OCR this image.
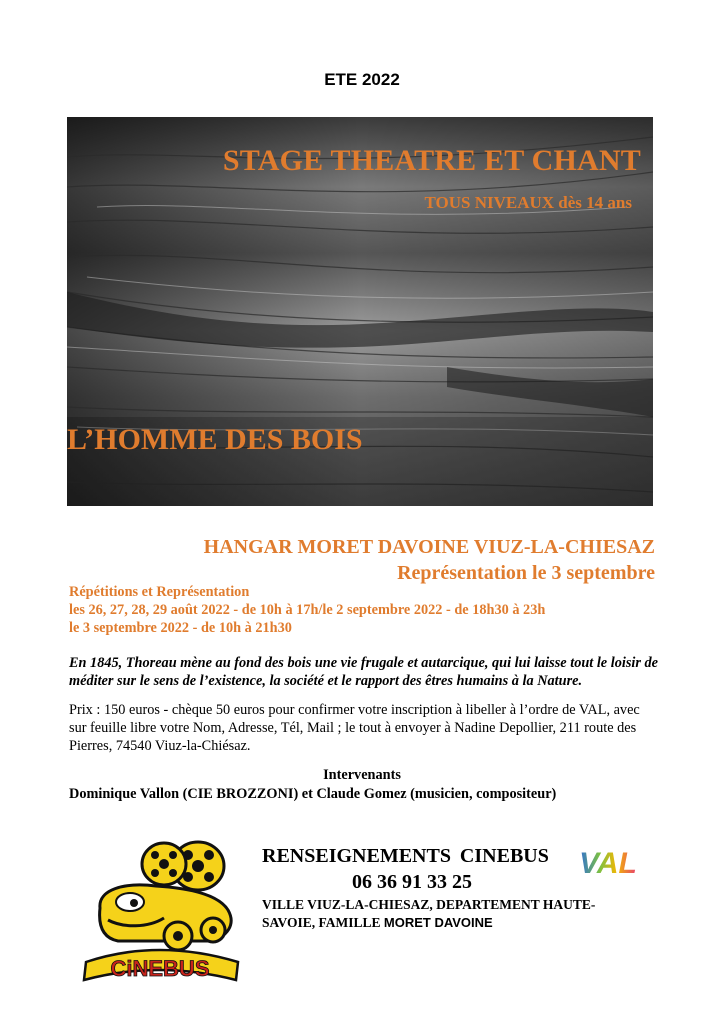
ETE 2022
STAGE THEATRE ET CHANT
TOUS NIVEAUX dès 14 ans
L’HOMME DES BOIS
HANGAR MORET DAVOINE VIUZ-LA-CHIESAZ
Représentation le 3 septembre
Répétitions et Représentation
les 26, 27, 28, 29 août 2022 - de 10h à 17h/le 2 septembre 2022 - de 18h30 à 23h
le 3 septembre 2022 - de 10h à 21h30
En 1845, Thoreau mène au fond des bois une vie frugale et autarcique, qui lui laisse tout le loisir de méditer sur le sens de l’existence, la société et le rapport des êtres humains à la Nature.
Prix : 150 euros - chèque 50 euros pour confirmer votre inscription à libeller à l’ordre de VAL, avec sur feuille libre votre Nom, Adresse, Tél, Mail ; le tout à envoyer à Nadine Depollier, 211 route des Pierres, 74540 Viuz-la-Chiésaz.
Intervenants
Dominique Vallon (CIE BROZZONI) et Claude Gomez (musicien, compositeur)
CiNEBUS
RENSEIGNEMENTS CINEBUS VAL
06 36 91 33 25
VILLE VIUZ-LA-CHIESAZ, DEPARTEMENT HAUTE-SAVOIE, FAMILLE MORET DAVOINE
